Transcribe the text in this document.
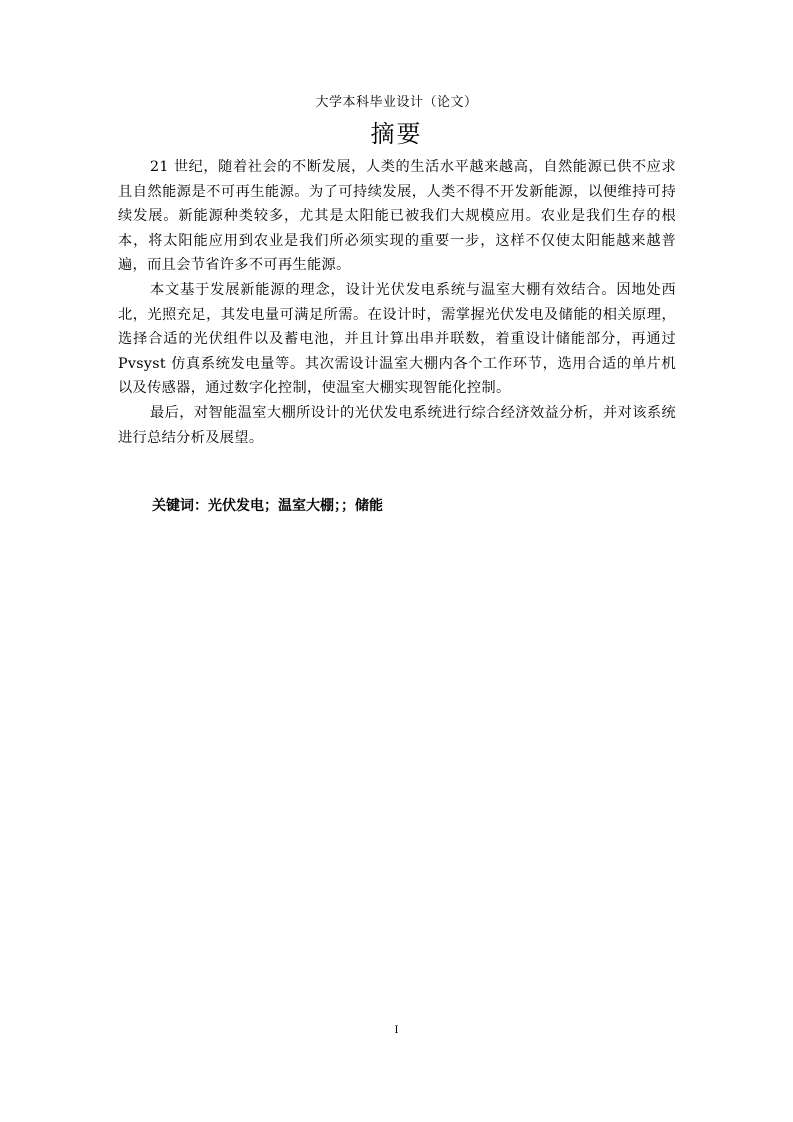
大学本科毕业设计（论文）
摘要

21 世纪，随着社会的不断发展，人类的生活水平越来越高，自然能源已供不应求且自然能源是不可再生能源。为了可持续发展，人类不得不开发新能源，以便维持可持续发展。新能源种类较多，尤其是太阳能已被我们大规模应用。农业是我们生存的根本，将太阳能应用到农业是我们所必须实现的重要一步，这样不仅使太阳能越来越普遍，而且会节省许多不可再生能源。

本文基于发展新能源的理念，设计光伏发电系统与温室大棚有效结合。因地处西北，光照充足，其发电量可满足所需。在设计时，需掌握光伏发电及储能的相关原理，选择合适的光伏组件以及蓄电池，并且计算出串并联数，着重设计储能部分，再通过 Pvsyst 仿真系统发电量等。其次需设计温室大棚内各个工作环节，选用合适的单片机以及传感器，通过数字化控制，使温室大棚实现智能化控制。

最后，对智能温室大棚所设计的光伏发电系统进行综合经济效益分析，并对该系统进行总结分析及展望。

关键词：光伏发电；温室大棚；；储能
I
